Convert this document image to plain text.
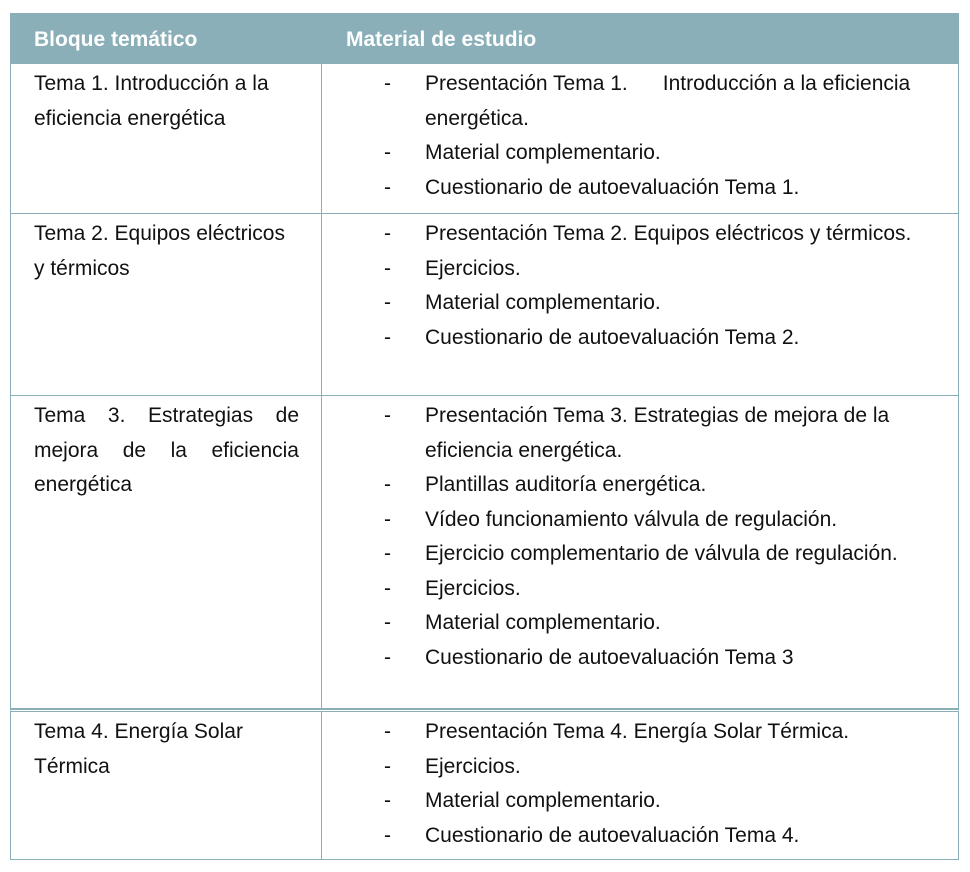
Bloque temático	Material de estudio
Tema 1. Introducción a la eficiencia energética
- Presentación Tema 1.      Introducción a la eficiencia energética.
- Material complementario.
- Cuestionario de autoevaluación Tema 1.
Tema 2. Equipos eléctricos y térmicos
- Presentación Tema 2. Equipos eléctricos y térmicos.
- Ejercicios.
- Material complementario.
- Cuestionario de autoevaluación Tema 2.
Tema 3. Estrategias de mejora de la eficiencia energética
- Presentación Tema 3. Estrategias de mejora de la eficiencia energética.
- Plantillas auditoría energética.
- Vídeo funcionamiento válvula de regulación.
- Ejercicio complementario de válvula de regulación.
- Ejercicios.
- Material complementario.
- Cuestionario de autoevaluación Tema 3
Tema 4. Energía Solar Térmica
- Presentación Tema 4. Energía Solar Térmica.
- Ejercicios.
- Material complementario.
- Cuestionario de autoevaluación Tema 4.
